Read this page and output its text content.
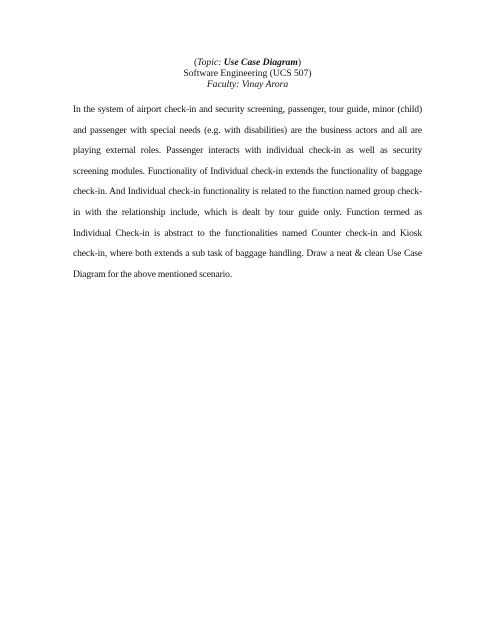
(Topic: Use Case Diagram)
Software Engineering (UCS 507)
Faculty: Vinay Arora

In the system of airport check-in and security screening, passenger, tour guide, minor (child) and passenger with special needs (e.g. with disabilities) are the business actors and all are playing external roles. Passenger interacts with individual check-in as well as security screening modules. Functionality of Individual check-in extends the functionality of baggage check-in. And Individual check-in functionality is related to the function named group check-in with the relationship include, which is dealt by tour guide only. Function termed as Individual Check-in is abstract to the functionalities named Counter check-in and Kiosk check-in, where both extends a sub task of baggage handling. Draw a neat & clean Use Case Diagram for the above mentioned scenario.
